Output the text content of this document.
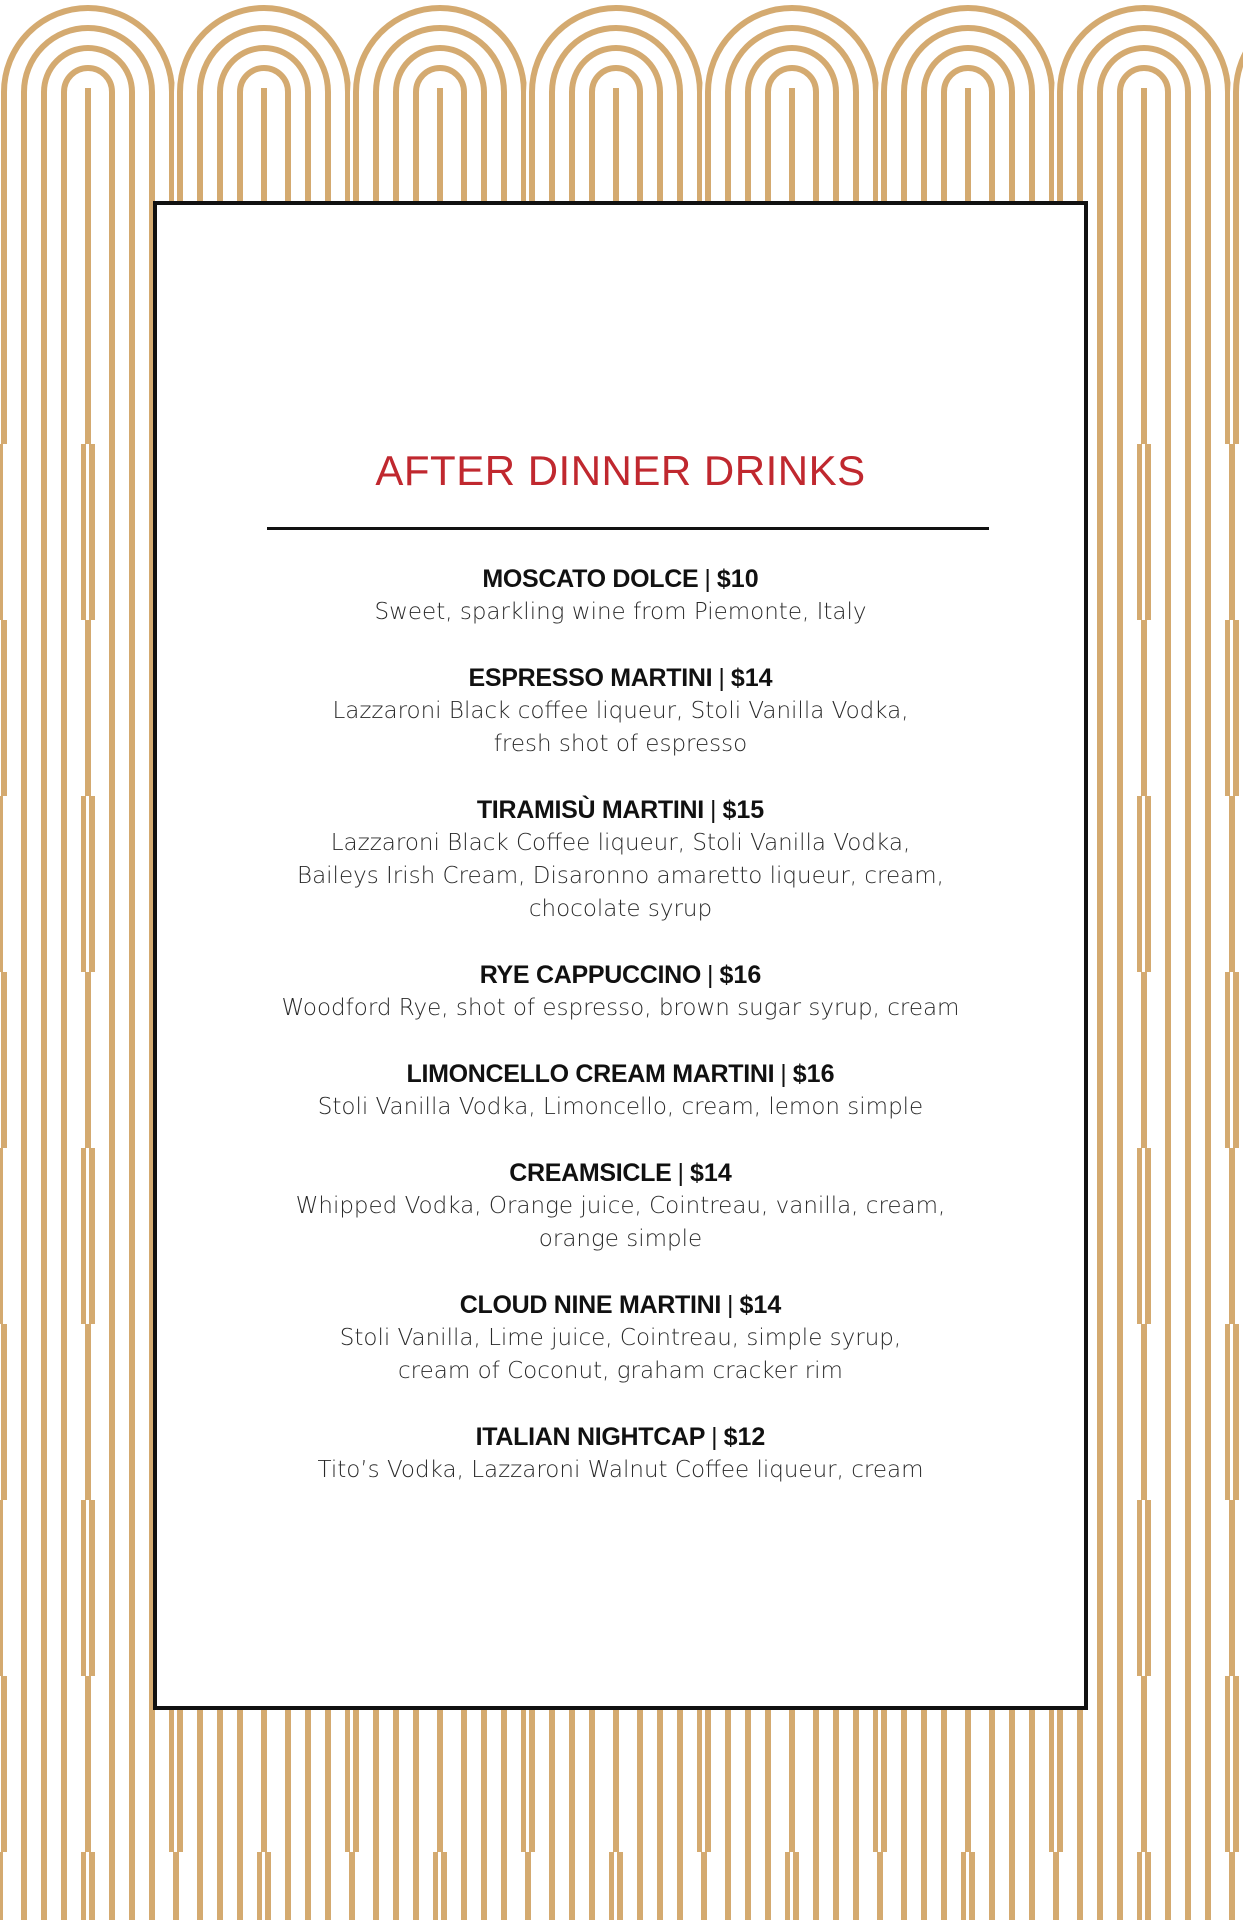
AFTER DINNER DRINKS
MOSCATO DOLCE | $10
Sweet, sparkling wine from Piemonte, Italy
ESPRESSO MARTINI | $14
Lazzaroni Black coffee liqueur, Stoli Vanilla Vodka,
fresh shot of espresso
TIRAMISÙ MARTINI | $15
Lazzaroni Black Coffee liqueur, Stoli Vanilla Vodka,
Baileys Irish Cream, Disaronno amaretto liqueur, cream,
chocolate syrup
RYE CAPPUCCINO | $16
Woodford Rye, shot of espresso, brown sugar syrup, cream
LIMONCELLO CREAM MARTINI | $16
Stoli Vanilla Vodka, Limoncello, cream, lemon simple
CREAMSICLE | $14
Whipped Vodka, Orange juice, Cointreau, vanilla, cream,
orange simple
CLOUD NINE MARTINI | $14
Stoli Vanilla, Lime juice, Cointreau, simple syrup,
cream of Coconut, graham cracker rim
ITALIAN NIGHTCAP | $12
Tito’s Vodka, Lazzaroni Walnut Coffee liqueur, cream
